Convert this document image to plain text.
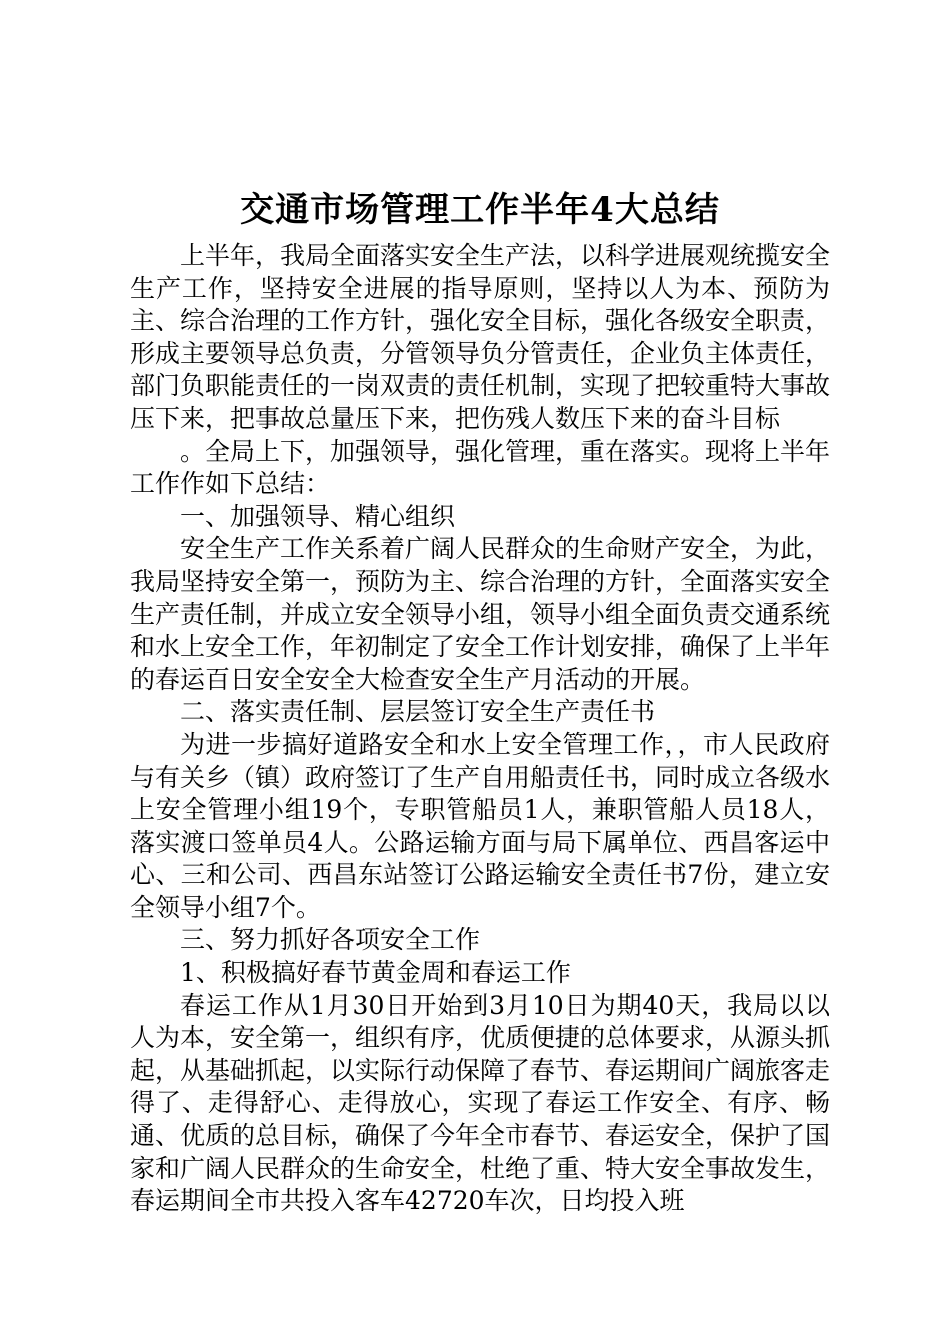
交通市场管理工作半年4大总结

上半年，我局全面落实安全生产法，以科学进展观统揽安全生产工作，坚持安全进展的指导原则，坚持以人为本、预防为主、综合治理的工作方针，强化安全目标，强化各级安全职责，形成主要领导总负责，分管领导负分管责任，企业负主体责任，部门负职能责任的一岗双责的责任机制，实现了把较重特大事故压下来，把事故总量压下来，把伤残人数压下来的奋斗目标

。全局上下，加强领导，强化管理，重在落实。现将上半年工作作如下总结：

一、加强领导、精心组织

安全生产工作关系着广阔人民群众的生命财产安全，为此，我局坚持安全第一，预防为主、综合治理的方针，全面落实安全生产责任制，并成立安全领导小组，领导小组全面负责交通系统和水上安全工作，年初制定了安全工作计划安排，确保了上半年的春运百日安全安全大检查安全生产月活动的开展。

二、落实责任制、层层签订安全生产责任书

为进一步搞好道路安全和水上安全管理工作，，市人民政府与有关乡（镇）政府签订了生产自用船责任书，同时成立各级水上安全管理小组19个，专职管船员1人，兼职管船人员18人，落实渡口签单员4人。公路运输方面与局下属单位、西昌客运中心、三和公司、西昌东站签订公路运输安全责任书7份，建立安全领导小组7个。

三、努力抓好各项安全工作

1、积极搞好春节黄金周和春运工作

春运工作从1月30日开始到3月10日为期40天，我局以以人为本，安全第一，组织有序，优质便捷的总体要求，从源头抓起，从基础抓起，以实际行动保障了春节、春运期间广阔旅客走得了、走得舒心、走得放心，实现了春运工作安全、有序、畅通、优质的总目标，确保了今年全市春节、春运安全，保护了国家和广阔人民群众的生命安全，杜绝了重、特大安全事故发生，春运期间全市共投入客车42720车次，日均投入班
